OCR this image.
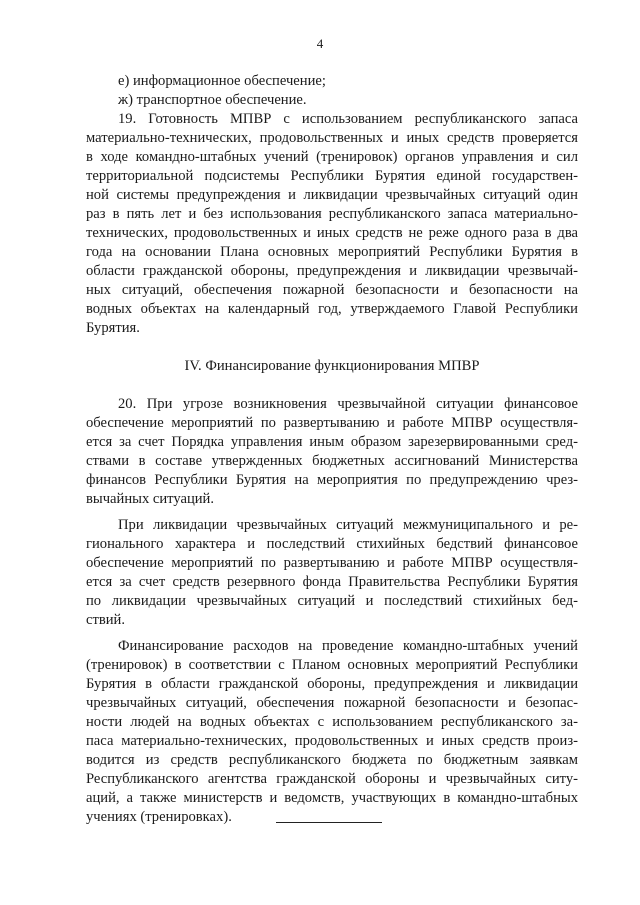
4
е) информационное обеспечение;
ж) транспортное обеспечение.
19. Готовность МПВР с использованием республиканского запаса
материально-технических, продовольственных и иных средств проверяется
в ходе командно-штабных учений (тренировок) органов управления и сил
территориальной подсистемы Республики Бурятия единой государствен-
ной системы предупреждения и ликвидации чрезвычайных ситуаций один
раз в пять лет и без использования республиканского запаса материально-
технических, продовольственных и иных средств не реже одного раза в два
года на основании Плана основных мероприятий Республики Бурятия в
области гражданской обороны, предупреждения и ликвидации чрезвычай-
ных ситуаций, обеспечения пожарной безопасности и безопасности на
водных объектах на календарный год, утверждаемого Главой Республики
Бурятия.
IV. Финансирование функционирования МПВР
20. При угрозе возникновения чрезвычайной ситуации финансовое
обеспечение мероприятий по развертыванию и работе МПВР осуществля-
ется за счет Порядка управления иным образом зарезервированными сред-
ствами в составе утвержденных бюджетных ассигнований Министерства
финансов Республики Бурятия на мероприятия по предупреждению чрез-
вычайных ситуаций.
При ликвидации чрезвычайных ситуаций межмуниципального и ре-
гионального характера и последствий стихийных бедствий финансовое
обеспечение мероприятий по развертыванию и работе МПВР осуществля-
ется за счет средств резервного фонда Правительства Республики Бурятия
по ликвидации чрезвычайных ситуаций и последствий стихийных бед-
ствий.
Финансирование расходов на проведение командно-штабных учений
(тренировок) в соответствии с Планом основных мероприятий Республики
Бурятия в области гражданской обороны, предупреждения и ликвидации
чрезвычайных ситуаций, обеспечения пожарной безопасности и безопас-
ности людей на водных объектах с использованием республиканского за-
паса материально-технических, продовольственных и иных средств произ-
водится из средств республиканского бюджета по бюджетным заявкам
Республиканского агентства гражданской обороны и чрезвычайных ситу-
аций, а также министерств и ведомств, участвующих в командно-штабных
учениях (тренировках).
